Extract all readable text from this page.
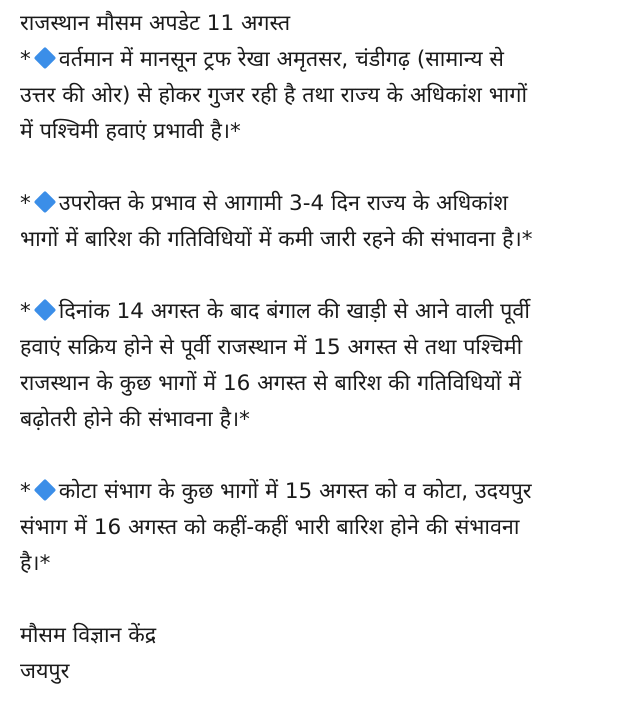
राजस्थान मौसम अपडेट 11 अगस्त
* वर्तमान में मानसून ट्रफ रेखा अमृतसर, चंडीगढ़ (सामान्य से
उत्तर की ओर) से होकर गुजर रही है तथा राज्य के अधिकांश भागों
में पश्चिमी हवाएं प्रभावी है।*
* उपरोक्त के प्रभाव से आगामी 3-4 दिन राज्य के अधिकांश
भागों में बारिश की गतिविधियों में कमी जारी रहने की संभावना है।*
* दिनांक 14 अगस्त के बाद बंगाल की खाड़ी से आने वाली पूर्वी
हवाएं सक्रिय होने से पूर्वी राजस्थान में 15 अगस्त से तथा पश्चिमी
राजस्थान के कुछ भागों में 16 अगस्त से बारिश की गतिविधियों में
बढ़ोतरी होने की संभावना है।*
* कोटा संभाग के कुछ भागों में 15 अगस्त को व कोटा, उदयपुर
संभाग में 16 अगस्त को कहीं-कहीं भारी बारिश होने की संभावना
है।*
मौसम विज्ञान केंद्र
जयपुर
